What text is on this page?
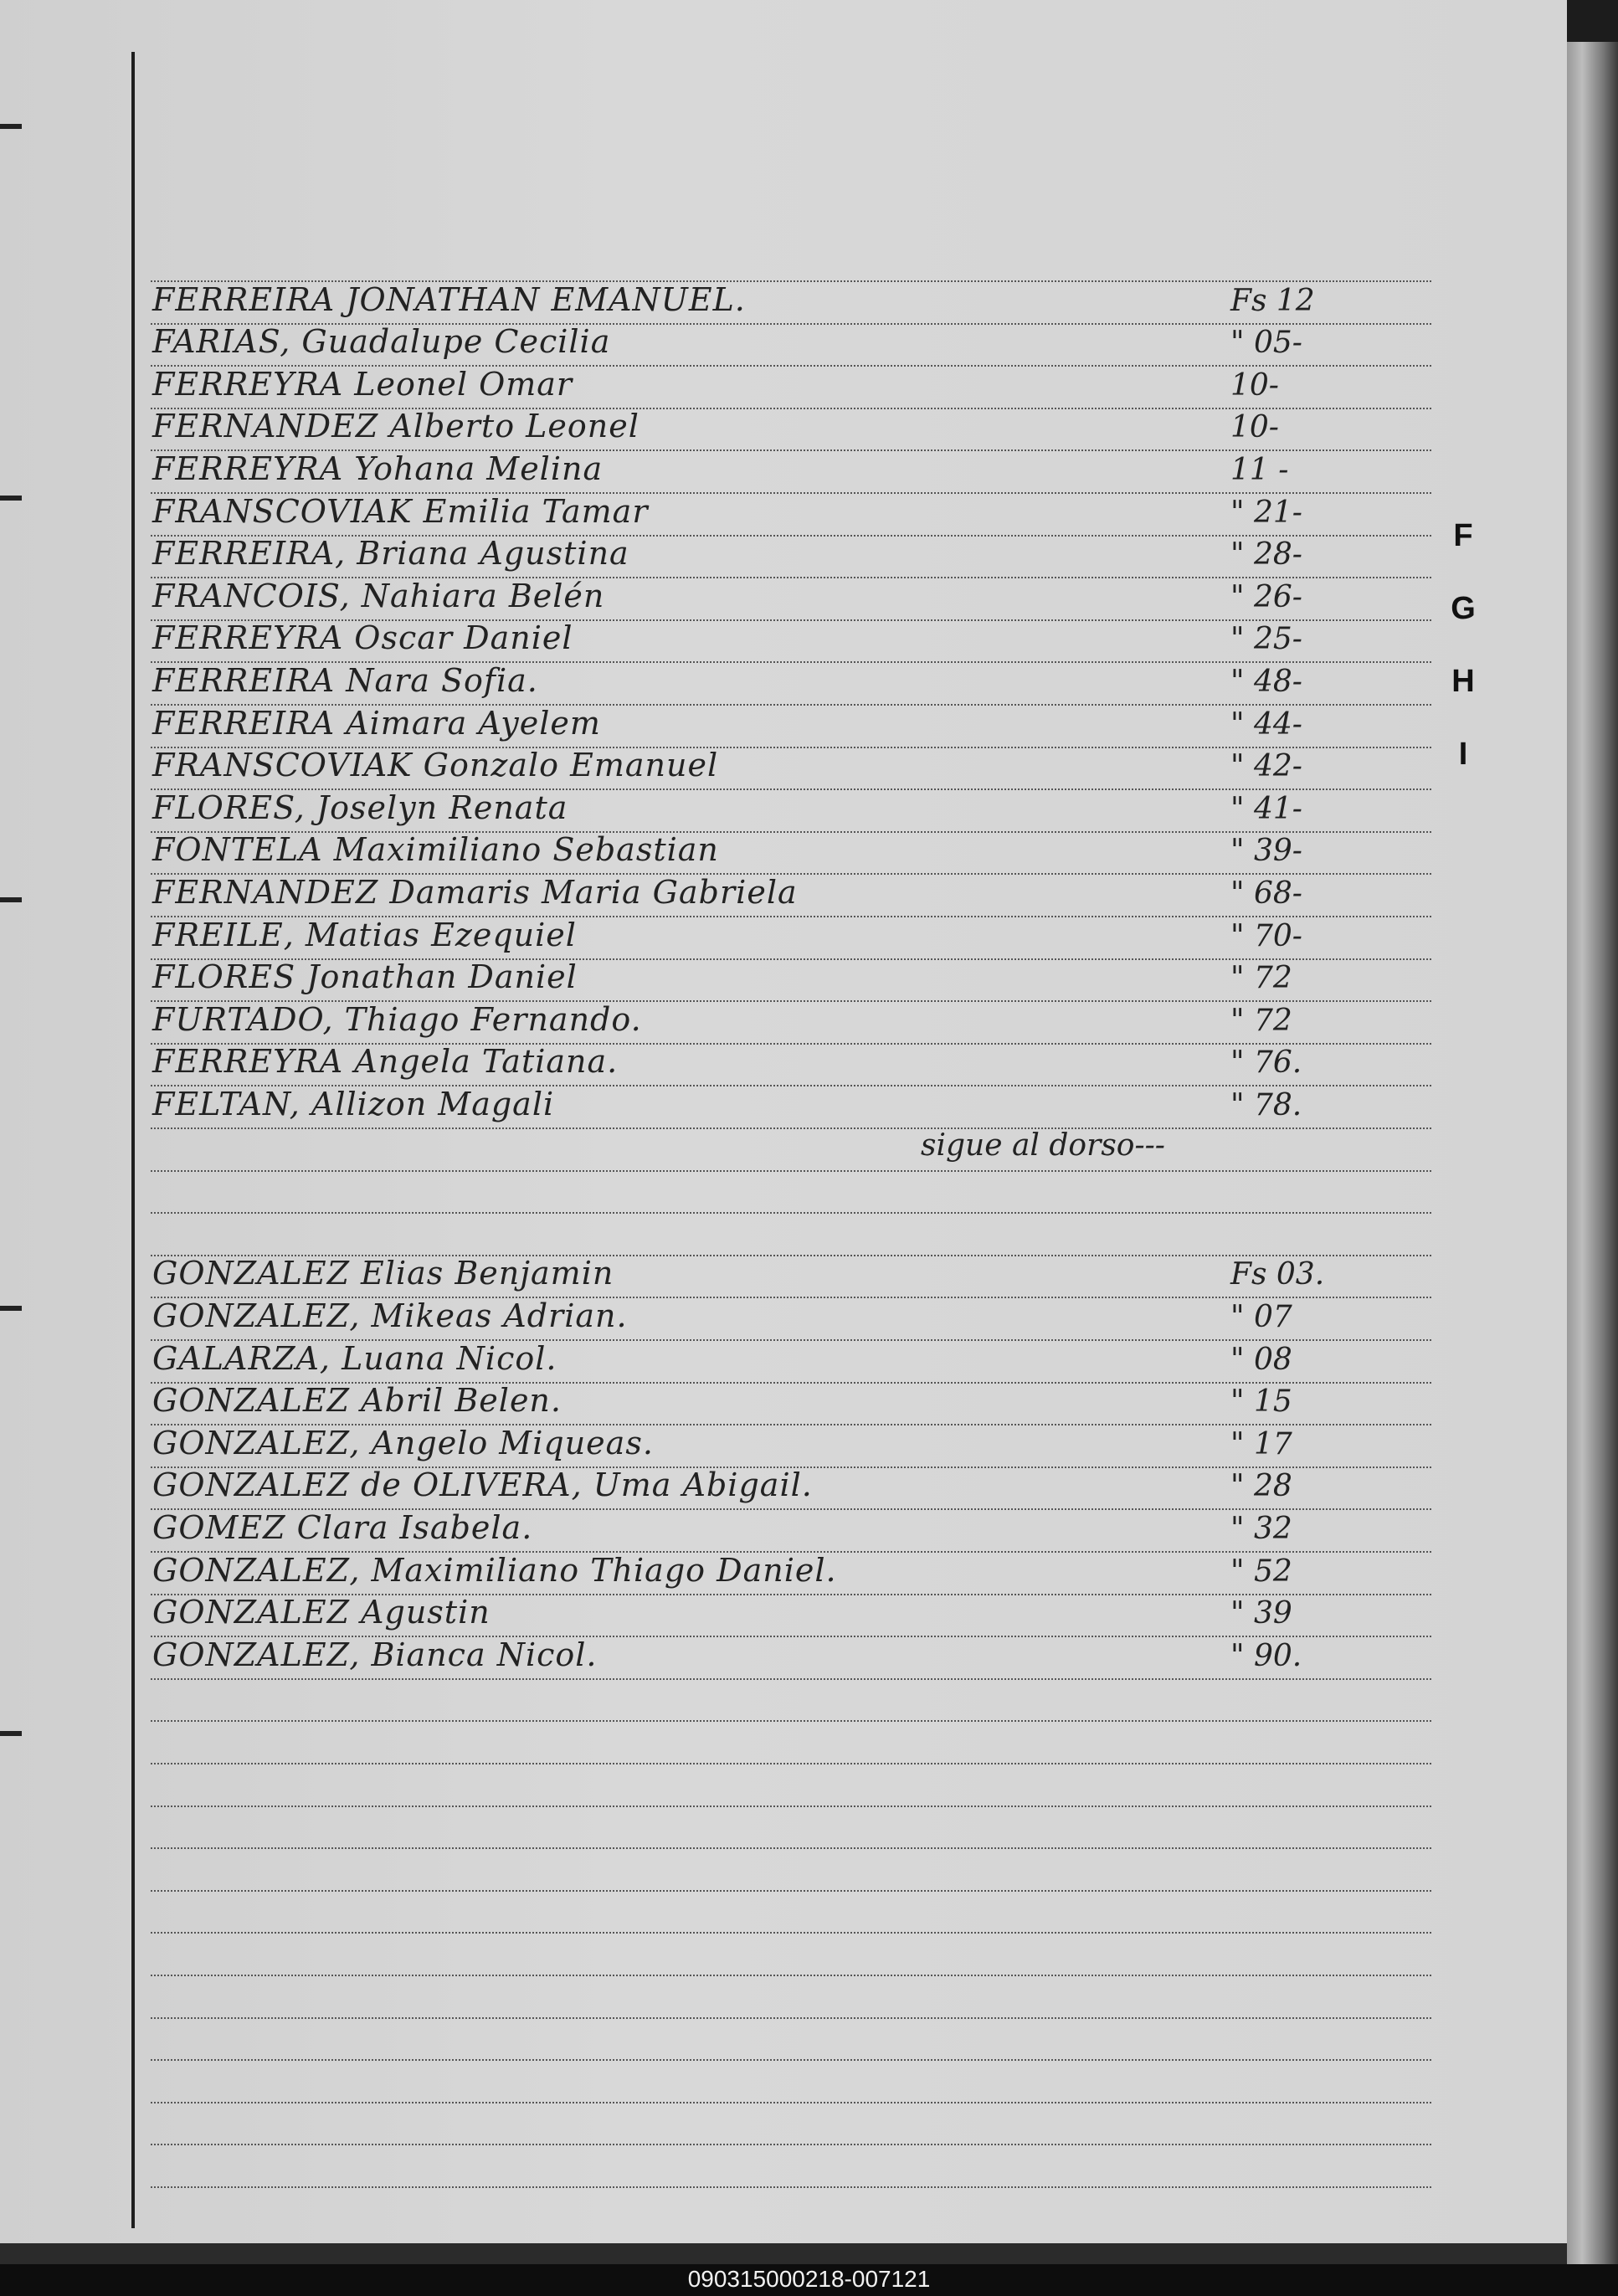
FERREIRA JONATHAN EMANUEL.	Fs 12
FARIAS, Guadalupe Cecilia	" 05-
FERREYRA Leonel Omar	10-
FERNANDEZ Alberto Leonel	10-
FERREYRA Yohana Melina	11 -
FRANSCOVIAK Emilia Tamar	" 21-
FERREIRA, Briana Agustina	" 28-
FRANCOIS, Nahiara Belén	" 26-
FERREYRA Oscar Daniel	" 25-
FERREIRA Nara Sofia.	" 48-
FERREIRA Aimara Ayelem	" 44-
FRANSCOVIAK Gonzalo Emanuel	" 42-
FLORES, Joselyn Renata	" 41-
FONTELA Maximiliano Sebastian	" 39-
FERNANDEZ Damaris Maria Gabriela	" 68-
FREILE, Matias Ezequiel	" 70-
FLORES Jonathan Daniel	" 72
FURTADO, Thiago Fernando.	" 72
FERREYRA Angela Tatiana.	" 76.
FELTAN, Allizon Magali	" 78.
GONZALEZ Elias Benjamin	Fs 03.
GONZALEZ, Mikeas Adrian.	" 07
GALARZA, Luana Nicol.	" 08
GONZALEZ Abril Belen.	" 15
GONZALEZ, Angelo Miqueas.	" 17
GONZALEZ de OLIVERA, Uma Abigail.	" 28
GOMEZ Clara Isabela.	" 32
GONZALEZ, Maximiliano Thiago Daniel.	" 52
GONZALEZ Agustin	" 39
GONZALEZ, Bianca Nicol.	" 90.
sigue al dorso---
F
G
H
I
090315000218-007121
